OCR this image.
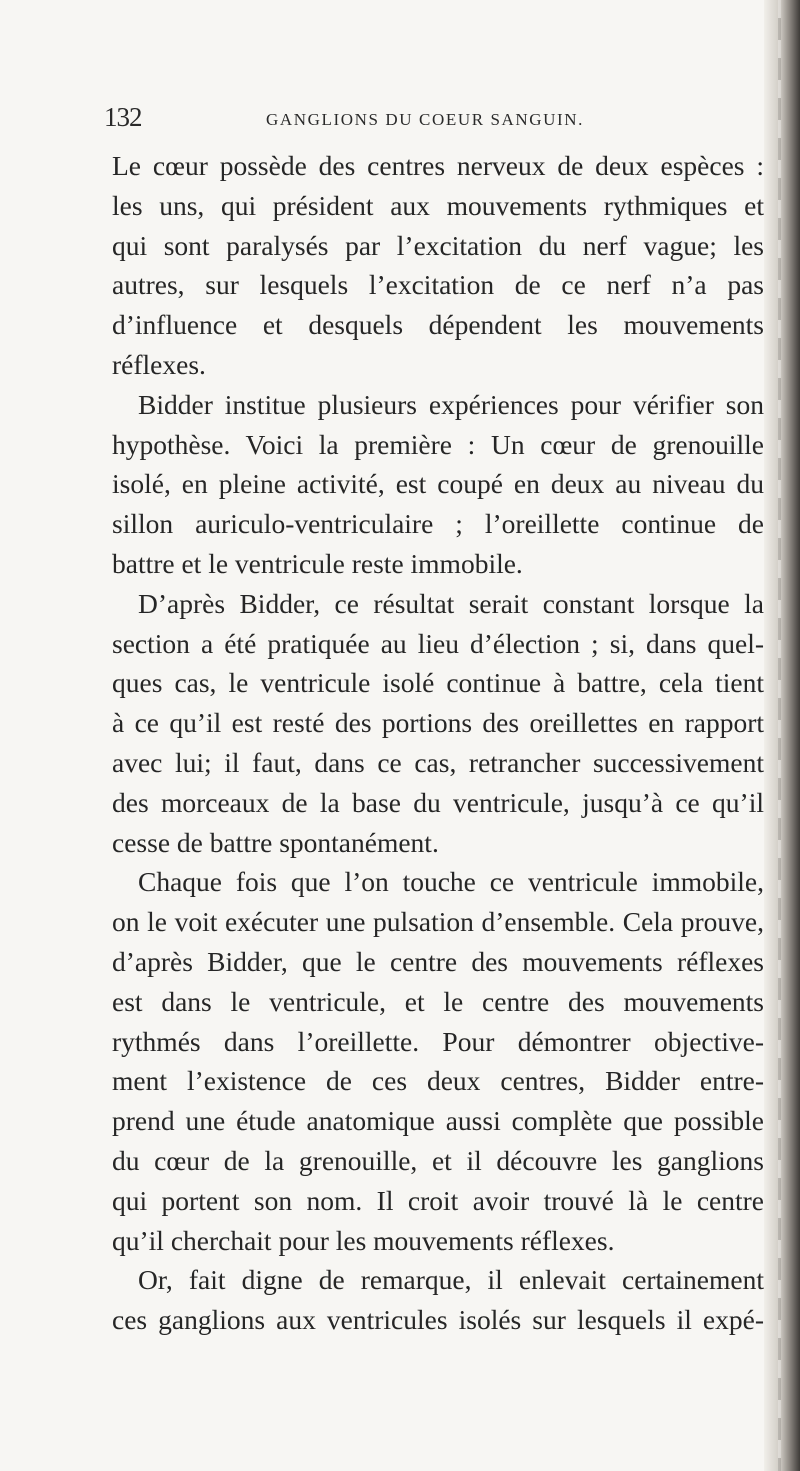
132	GANGLIONS DU COEUR SANGUIN.
Le cœur possède des centres nerveux de deux espèces :
les uns, qui président aux mouvements rythmiques et
qui sont paralysés par l’excitation du nerf vague; les
autres, sur lesquels l’excitation de ce nerf n’a pas
d’influence et desquels dépendent les mouvements
réflexes.
Bidder institue plusieurs expériences pour vérifier son
hypothèse. Voici la première : Un cœur de grenouille
isolé, en pleine activité, est coupé en deux au niveau du
sillon auriculo-ventriculaire ; l’oreillette continue de
battre et le ventricule reste immobile.
D’après Bidder, ce résultat serait constant lorsque la
section a été pratiquée au lieu d’élection ; si, dans quel-
ques cas, le ventricule isolé continue à battre, cela tient
à ce qu’il est resté des portions des oreillettes en rapport
avec lui; il faut, dans ce cas, retrancher successivement
des morceaux de la base du ventricule, jusqu’à ce qu’il
cesse de battre spontanément.
Chaque fois que l’on touche ce ventricule immobile,
on le voit exécuter une pulsation d’ensemble. Cela prouve,
d’après Bidder, que le centre des mouvements réflexes
est dans le ventricule, et le centre des mouvements
rythmés dans l’oreillette. Pour démontrer objective-
ment l’existence de ces deux centres, Bidder entre-
prend une étude anatomique aussi complète que possible
du cœur de la grenouille, et il découvre les ganglions
qui portent son nom. Il croit avoir trouvé là le centre
qu’il cherchait pour les mouvements réflexes.
Or, fait digne de remarque, il enlevait certainement
ces ganglions aux ventricules isolés sur lesquels il expé-
